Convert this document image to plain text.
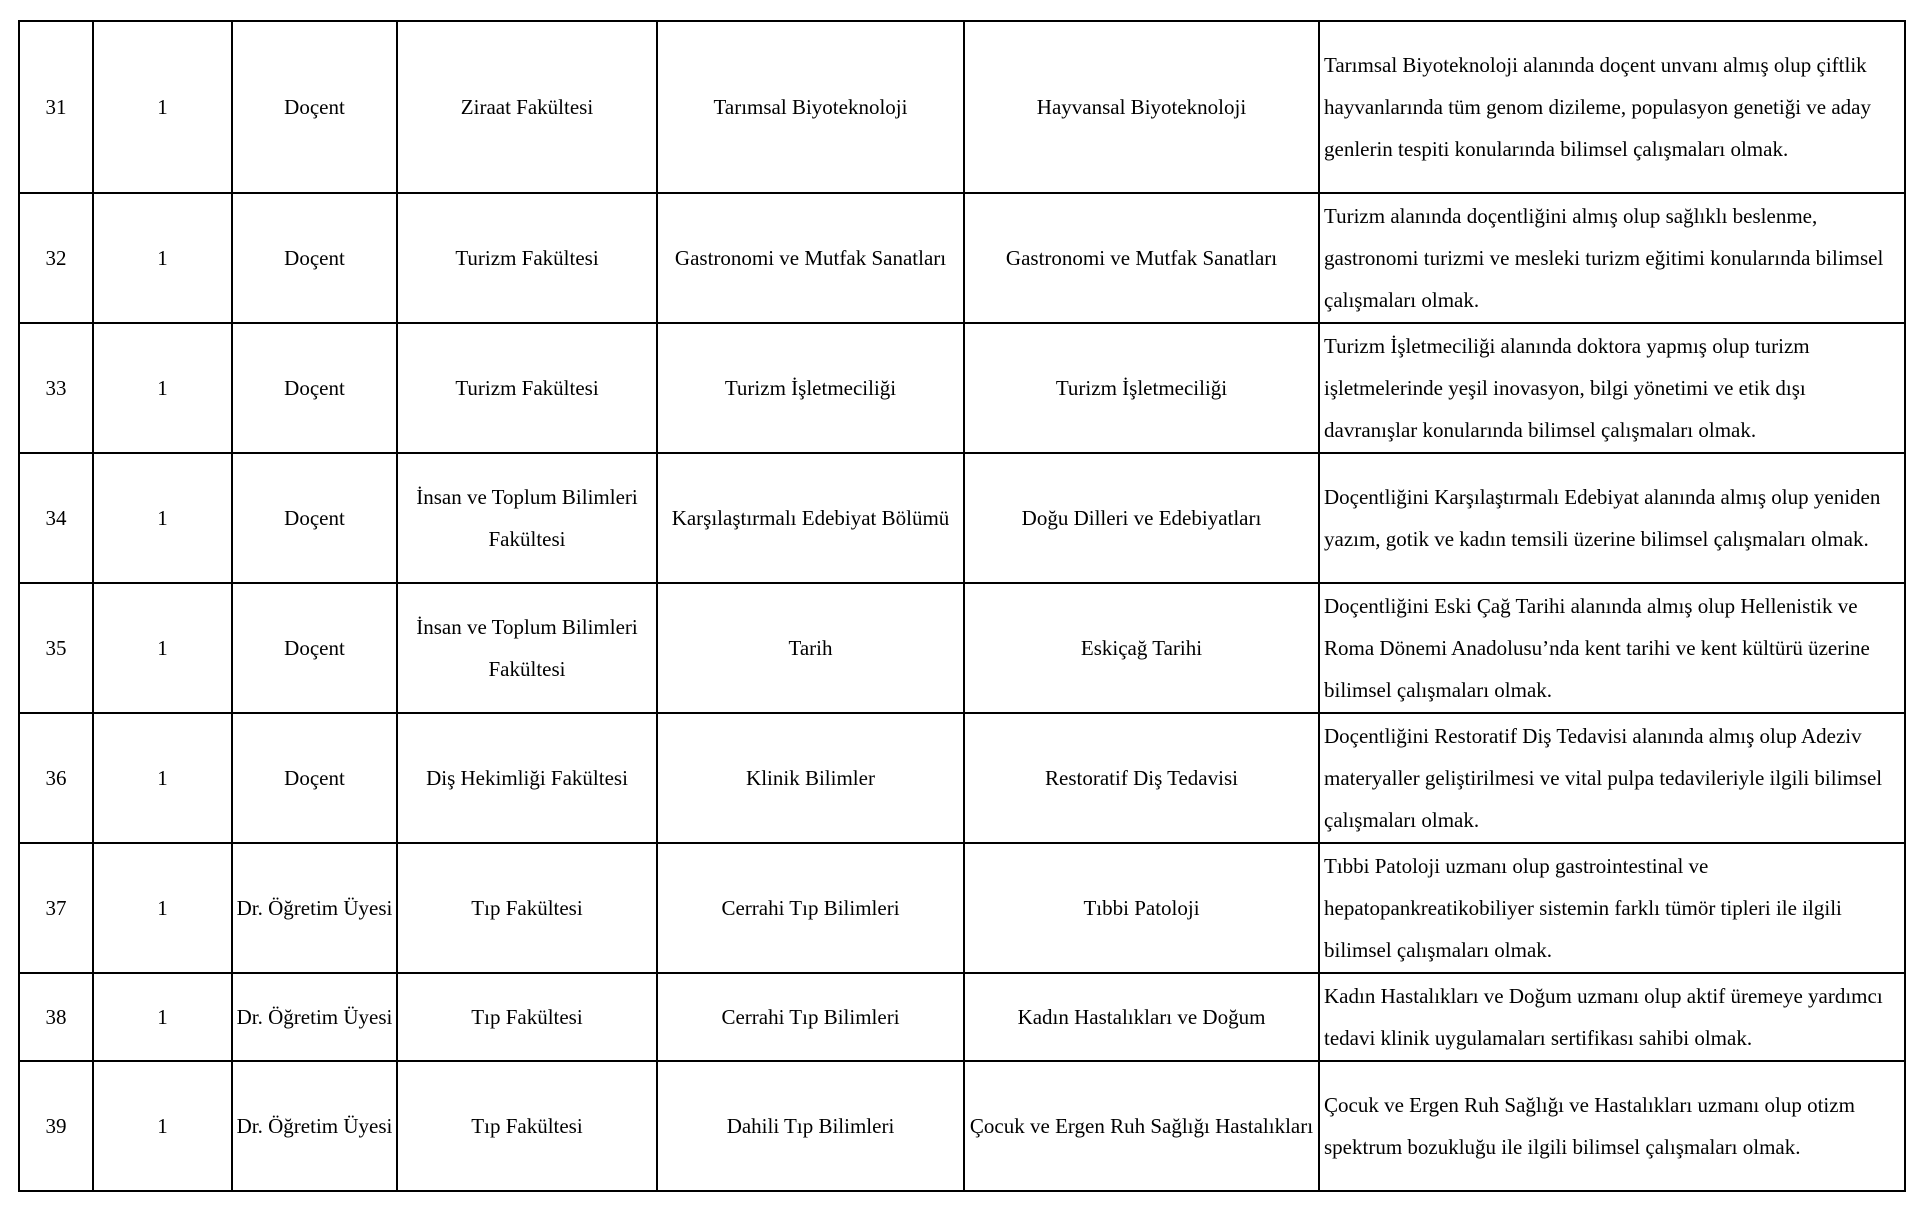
31	1	Doçent	Ziraat Fakültesi	Tarımsal Biyoteknoloji	Hayvansal Biyoteknoloji	Tarımsal Biyoteknoloji alanında doçent unvanı almış olup çiftlik hayvanlarında tüm genom dizileme, populasyon genetiği ve aday genlerin tespiti konularında bilimsel çalışmaları olmak.
32	1	Doçent	Turizm Fakültesi	Gastronomi ve Mutfak Sanatları	Gastronomi ve Mutfak Sanatları	Turizm alanında doçentliğini almış olup sağlıklı beslenme, gastronomi turizmi ve mesleki turizm eğitimi konularında bilimsel çalışmaları olmak.
33	1	Doçent	Turizm Fakültesi	Turizm İşletmeciliği	Turizm İşletmeciliği	Turizm İşletmeciliği alanında doktora yapmış olup turizm işletmelerinde yeşil inovasyon, bilgi yönetimi ve etik dışı davranışlar konularında bilimsel çalışmaları olmak.
34	1	Doçent	İnsan ve Toplum Bilimleri Fakültesi	Karşılaştırmalı Edebiyat Bölümü	Doğu Dilleri ve Edebiyatları	Doçentliğini Karşılaştırmalı Edebiyat alanında almış olup yeniden yazım, gotik ve kadın temsili üzerine bilimsel çalışmaları olmak.
35	1	Doçent	İnsan ve Toplum Bilimleri Fakültesi	Tarih	Eskiçağ Tarihi	Doçentliğini Eski Çağ Tarihi alanında almış olup Hellenistik ve Roma Dönemi Anadolusu’nda kent tarihi ve kent kültürü üzerine bilimsel çalışmaları olmak.
36	1	Doçent	Diş Hekimliği Fakültesi	Klinik Bilimler	Restoratif Diş Tedavisi	Doçentliğini Restoratif Diş Tedavisi alanında almış olup Adeziv materyaller geliştirilmesi ve vital pulpa tedavileriyle ilgili bilimsel çalışmaları olmak.
37	1	Dr. Öğretim Üyesi	Tıp Fakültesi	Cerrahi Tıp Bilimleri	Tıbbi Patoloji	Tıbbi Patoloji uzmanı olup gastrointestinal ve hepatopankreatikobiliyer sistemin farklı tümör tipleri ile ilgili bilimsel çalışmaları olmak.
38	1	Dr. Öğretim Üyesi	Tıp Fakültesi	Cerrahi Tıp Bilimleri	Kadın Hastalıkları ve Doğum	Kadın Hastalıkları ve Doğum uzmanı olup aktif üremeye yardımcı tedavi klinik uygulamaları sertifikası sahibi olmak.
39	1	Dr. Öğretim Üyesi	Tıp Fakültesi	Dahili Tıp Bilimleri	Çocuk ve Ergen Ruh Sağlığı Hastalıkları	Çocuk ve Ergen Ruh Sağlığı ve Hastalıkları uzmanı olup otizm spektrum bozukluğu ile ilgili bilimsel çalışmaları olmak.
